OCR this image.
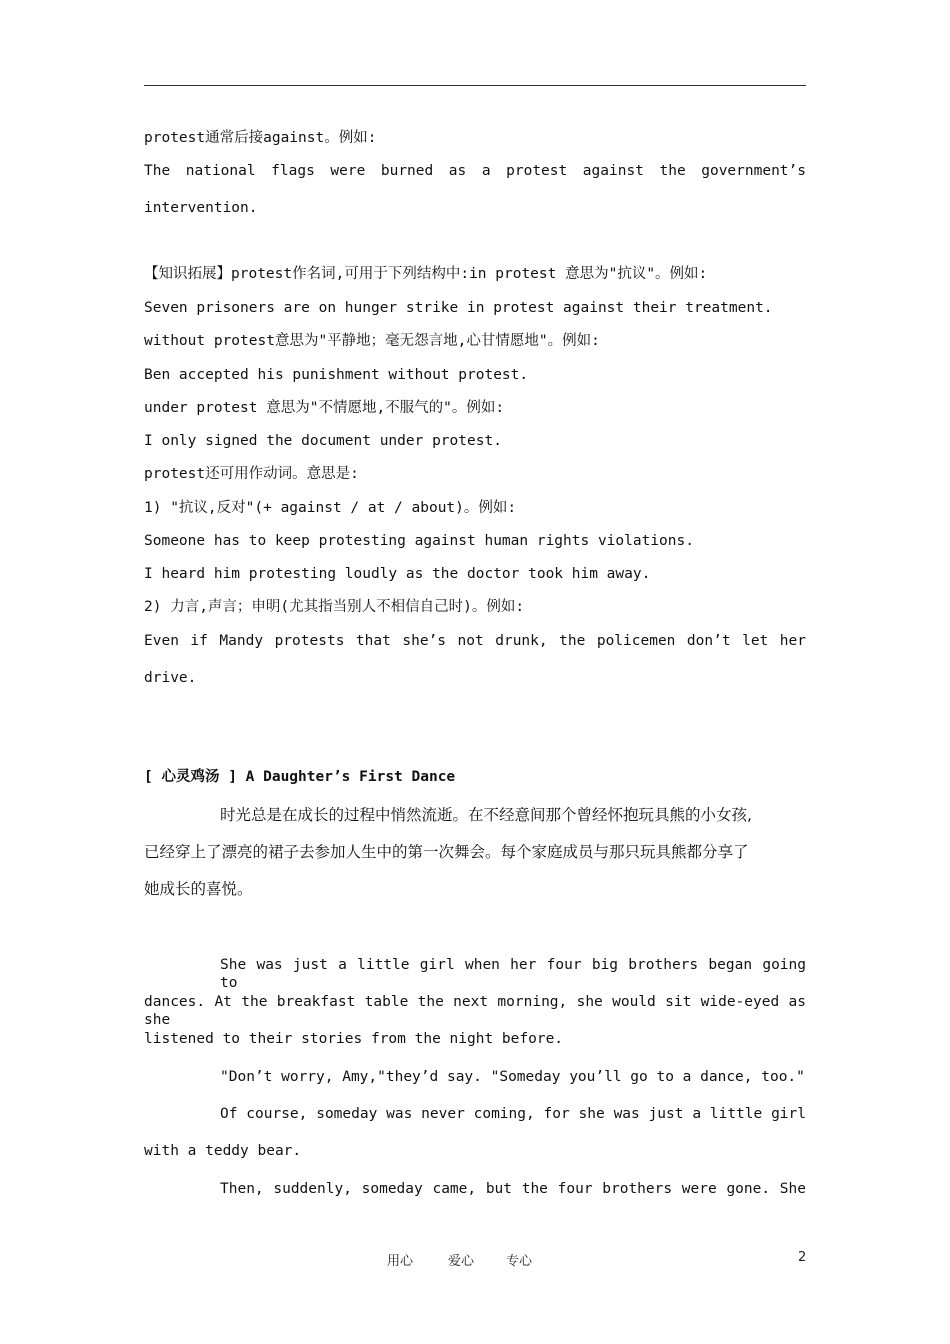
protest通常后接against。例如:
The national flags were burned as a protest against the government’s
intervention.
【知识拓展】protest作名词,可用于下列结构中:in protest 意思为"抗议"。例如:
Seven prisoners are on hunger strike in protest against their treatment.
without protest意思为"平静地；毫无怨言地,心甘情愿地"。例如:
Ben accepted his punishment without protest.
under protest 意思为"不情愿地,不服气的"。例如:
I only signed the document under protest.
protest还可用作动词。意思是:
1) "抗议,反对"(+ against / at / about)。例如:
Someone has to keep protesting against human rights violations.
I heard him protesting loudly as the doctor took him away.
2) 力言,声言；申明(尤其指当别人不相信自己时)。例如:
Even if Mandy protests that she’s not drunk, the policemen don’t let her
drive.
[ 心灵鸡汤 ] A Daughter’s First Dance
时光总是在成长的过程中悄然流逝。在不经意间那个曾经怀抱玩具熊的小女孩,
已经穿上了漂亮的裙子去参加人生中的第一次舞会。每个家庭成员与那只玩具熊都分享了
她成长的喜悦。
She was just a little girl when her four big brothers began going to
dances. At the breakfast table the next morning, she would sit wide-eyed as she
listened to their stories from the night before.
"Don’t worry, Amy,"they’d say. "Someday you’ll go to a dance, too."
Of course, someday was never coming, for she was just a little girl
with a teddy bear.
Then, suddenly, someday came, but the four brothers were gone. She
用心	爱心 专心	2
